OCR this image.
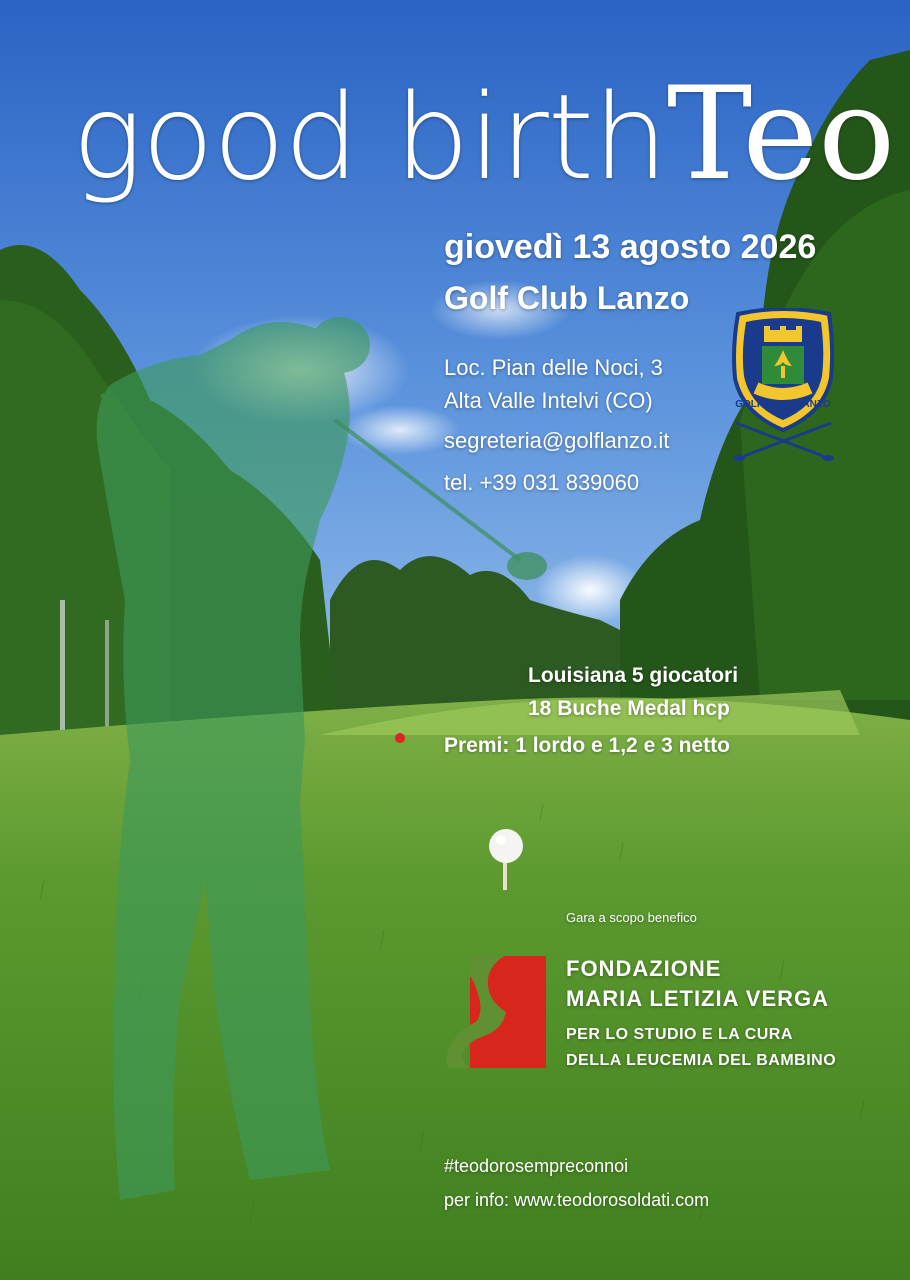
good birthTeo
giovedì 13 agosto 2026
Golf Club Lanzo
Loc. Pian delle Noci, 3
Alta Valle Intelvi (CO)
segreteria@golflanzo.it
tel. +39 031 839060
GOLF CLUB LANZO
Louisiana 5 giocatori
18 Buche Medal hcp
Premi: 1 lordo e 1,2 e 3 netto
Gara a scopo benefico
FONDAZIONE
MARIA LETIZIA VERGA
PER LO STUDIO E LA CURA
DELLA LEUCEMIA DEL BAMBINO
#teodorosempreconnoi
per info: www.teodorosoldati.com
